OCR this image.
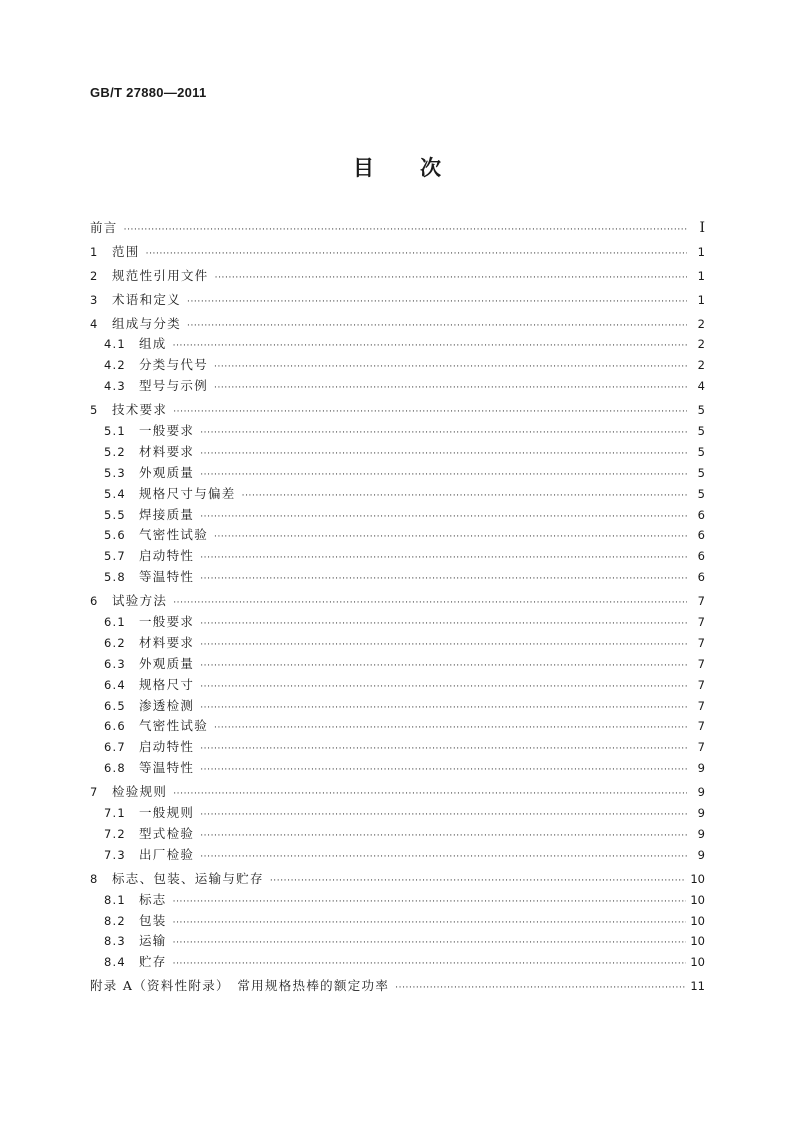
GB/T 27880—2011
目 次
前言 ·····	I
1	范围 ·····	1
2	规范性引用文件 ·····	1
3	术语和定义 ·····	1
4	组成与分类 ·····	2
4.1	组成 ·····	2
4.2	分类与代号 ·····	2
4.3	型号与示例 ·····	4
5	技术要求 ·····	5
5.1	一般要求 ·····	5
5.2	材料要求 ·····	5
5.3	外观质量 ·····	5
5.4	规格尺寸与偏差 ·····	5
5.5	焊接质量 ·····	6
5.6	气密性试验 ·····	6
5.7	启动特性 ·····	6
5.8	等温特性 ·····	6
6	试验方法 ·····	7
6.1	一般要求 ·····	7
6.2	材料要求 ·····	7
6.3	外观质量 ·····	7
6.4	规格尺寸 ·····	7
6.5	渗透检测 ·····	7
6.6	气密性试验 ·····	7
6.7	启动特性 ·····	7
6.8	等温特性 ·····	9
7	检验规则 ·····	9
7.1	一般规则 ·····	9
7.2	型式检验 ·····	9
7.3	出厂检验 ·····	9
8	标志、包装、运输与贮存 ·····	10
8.1	标志 ·····	10
8.2	包装 ·····	10
8.3	运输 ·····	10
8.4	贮存 ·····	10
附录 A（资料性附录）　常用规格热棒的额定功率 ·····	11
